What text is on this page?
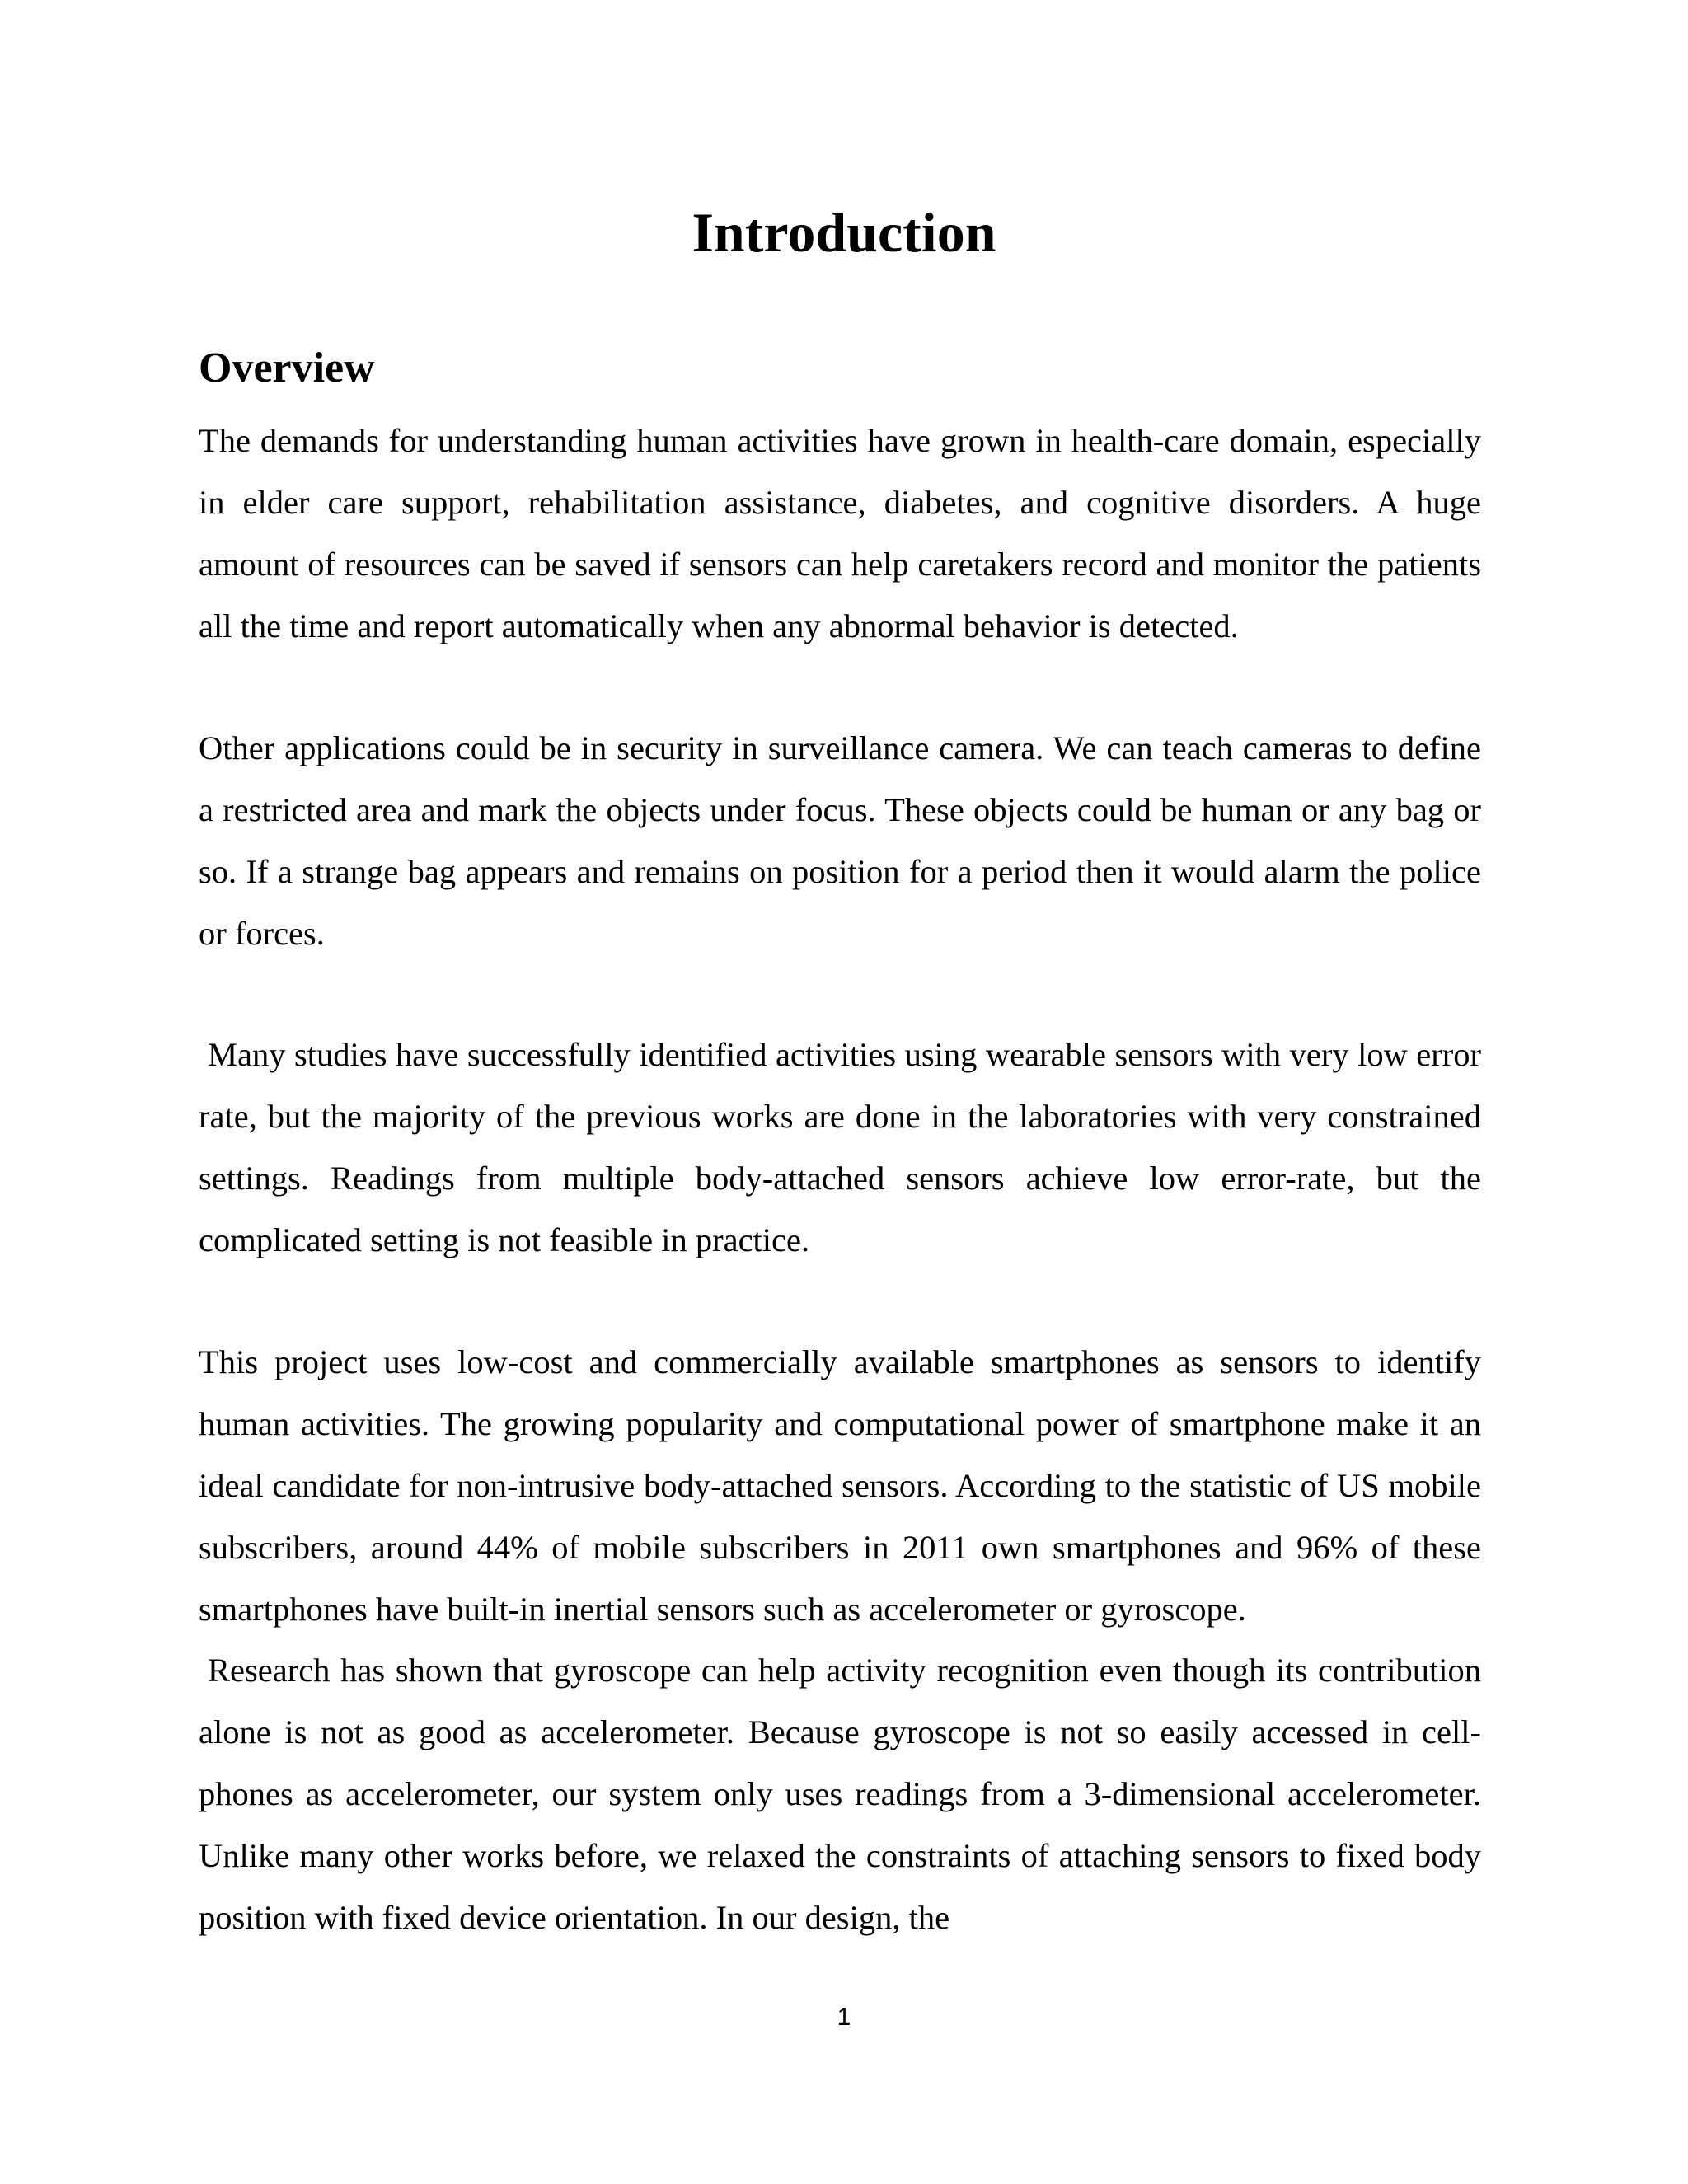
Introduction
Overview

The demands for understanding human activities have grown in health-care domain, especially in elder care support, rehabilitation assistance, diabetes, and cognitive disorders. A huge amount of resources can be saved if sensors can help caretakers record and monitor the patients all the time and report automatically when any abnormal behavior is detected.

Other applications could be in security in surveillance camera. We can teach cameras to define a restricted area and mark the objects under focus. These objects could be human or any bag or so. If a strange bag appears and remains on position for a period then it would alarm the police or forces.

Many studies have successfully identified activities using wearable sensors with very low error rate, but the majority of the previous works are done in the laboratories with very constrained settings. Readings from multiple body-attached sensors achieve low error-rate, but the complicated setting is not feasible in practice.

This project uses low-cost and commercially available smartphones as sensors to identify human activities. The growing popularity and computational power of smartphone make it an ideal candidate for non-intrusive body-attached sensors. According to the statistic of US mobile subscribers, around 44% of mobile subscribers in 2011 own smartphones and 96% of these smartphones have built-in inertial sensors such as accelerometer or gyroscope.

Research has shown that gyroscope can help activity recognition even though its contribution alone is not as good as accelerometer. Because gyroscope is not so easily accessed in cell-phones as accelerometer, our system only uses readings from a 3-dimensional accelerometer. Unlike many other works before, we relaxed the constraints of attaching sensors to fixed body position with fixed device orientation. In our design, the

1
